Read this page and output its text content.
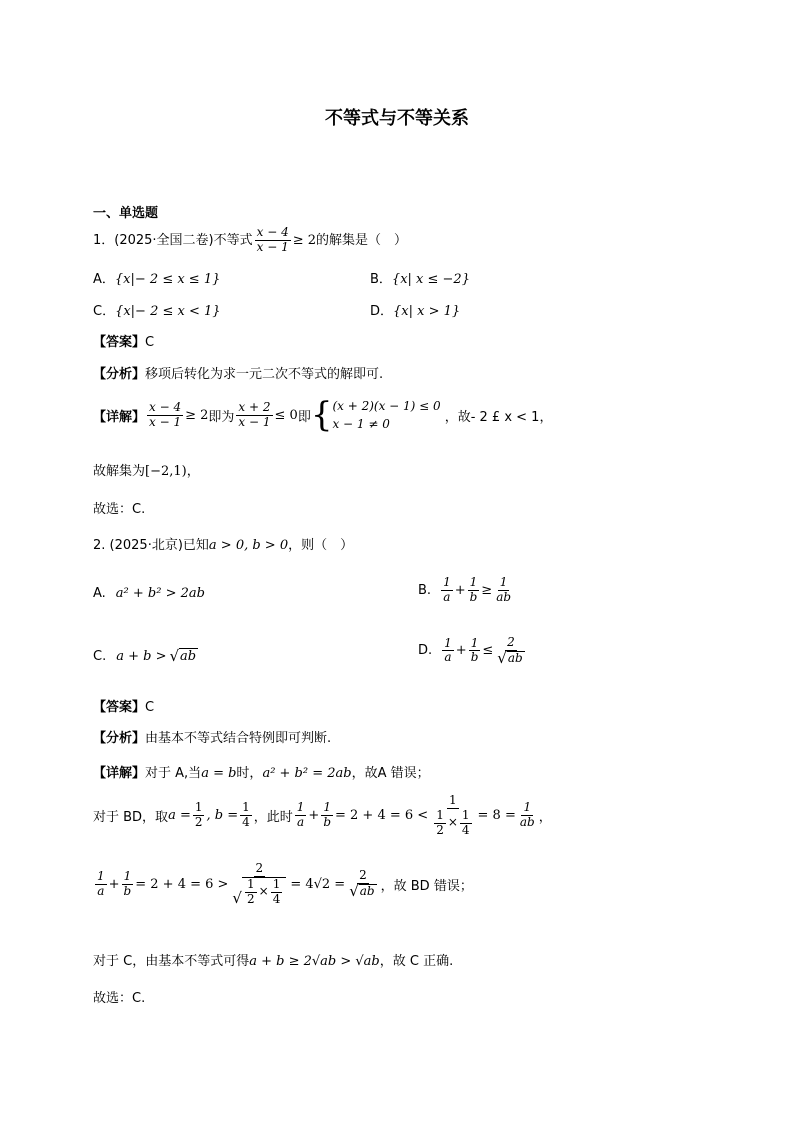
不等式与不等关系
一、单选题
1．(2025·全国二卷)不等式 $\frac{x - 4}{x - 1} \ge 2$的解集是（　）
A．{x|− 2 ≤ x ≤ 1}	B．{x| x ≤ −2}
C．{x|− 2 ≤ x < 1}	D．{x| x > 1}
【答案】C
【分析】移项后转化为求一元二次不等式的解即可.
【详解】 $\frac{x - 4}{x - 1} \ge 2$ 即为 $\frac{x + 2}{x - 1} \le 0$ 即 { (x + 2)(x − 1) ≤ 0
x − 1 ≠ 0	，故- 2 £ x < 1，
故解集为[−2,1)，
故选：C.
2. (2025·北京)已知a > 0, b > 0，则（　）
A. a² + b² > 2ab	B. $\frac{1}{a} + \frac{1}{b} \ge \frac{1}{ab}$
C. a + b > √ ab	D. $\frac{1}{a} + \frac{1}{b} \le \frac{2}{√ ab}$
【答案】C
【分析】由基本不等式结合特例即可判断.
【详解】对于 A,当a = b时，a² + b² = 2ab，故A 错误；
对于 BD，取 $a = \frac{1}{2}$ , $b = \frac{1}{4}$ ，此时 $\frac{1}{a} + \frac{1}{b} = 2 + 4 = 6 < \frac{1}{\frac{1}{2} \times \frac{1}{4}} = 8 = \frac{1}{ab}$ ，
$\frac{1}{a} + \frac{1}{b} = 2 + 4 = 6 > \frac{2}{√ \frac{1}{2} \times \frac{1}{4}} = 4√2 = \frac{2}{√ ab}$ ，故 BD 错误；
对于 C，由基本不等式可得a + b ≥ 2√ab > √ab，故 C 正确.
故选：C.
